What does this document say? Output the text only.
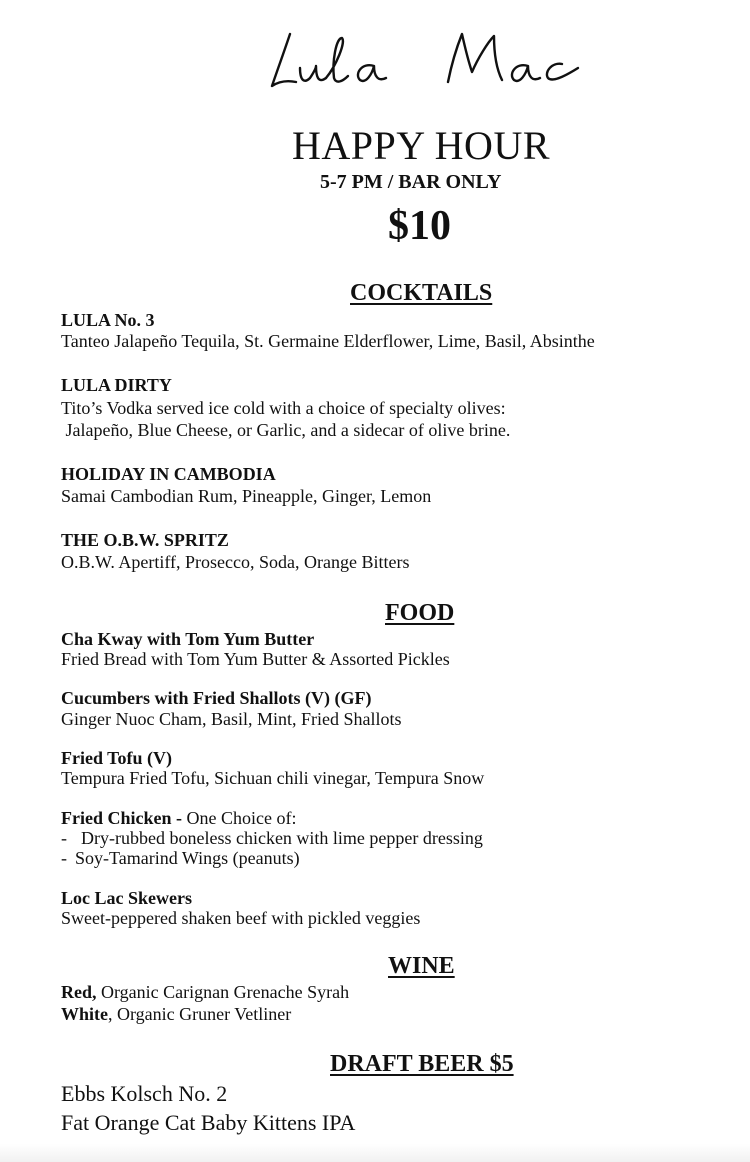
HAPPY HOUR
5-7 PM / BAR ONLY
$10
COCKTAILS
LULA No. 3
Tanteo Jalapeño Tequila, St. Germaine Elderflower, Lime, Basil, Absinthe
LULA DIRTY
Tito’s Vodka served ice cold with a choice of specialty olives:
Jalapeño, Blue Cheese, or Garlic, and a sidecar of olive brine.
HOLIDAY IN CAMBODIA
Samai Cambodian Rum, Pineapple, Ginger, Lemon
THE O.B.W. SPRITZ
O.B.W. Apertiff, Prosecco, Soda, Orange Bitters
FOOD
Cha Kway with Tom Yum Butter
Fried Bread with Tom Yum Butter & Assorted Pickles
Cucumbers with Fried Shallots (V) (GF)
Ginger Nuoc Cham, Basil, Mint, Fried Shallots
Fried Tofu (V)
Tempura Fried Tofu, Sichuan chili vinegar, Tempura Snow
Fried Chicken - One Choice of:
- Dry-rubbed boneless chicken with lime pepper dressing
- Soy-Tamarind Wings (peanuts)
Loc Lac Skewers
Sweet-peppered shaken beef with pickled veggies
WINE
Red, Organic Carignan Grenache Syrah
White, Organic Gruner Vetliner
DRAFT BEER $5
Ebbs Kolsch No. 2
Fat Orange Cat Baby Kittens IPA
